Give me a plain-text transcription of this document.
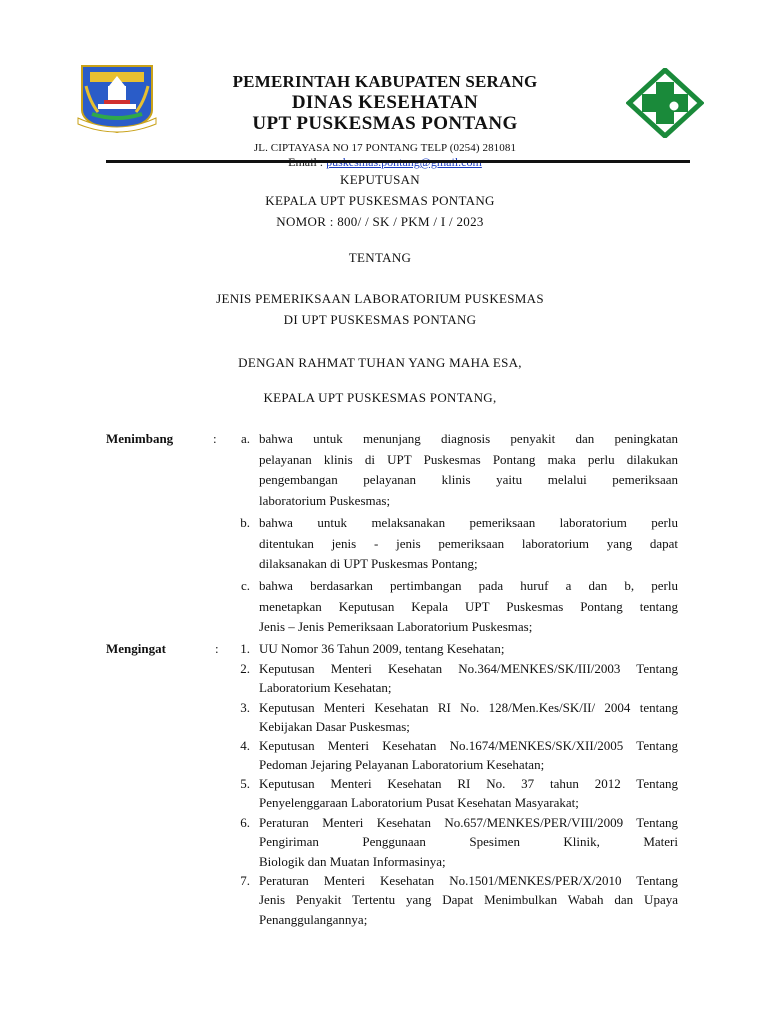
PEMERINTAH KABUPATEN SERANG
DINAS KESEHATAN
UPT PUSKESMAS PONTANG
JL. CIPTAYASA NO 17 PONTANG TELP (0254) 281081
KEPUTUSAN
KEPALA UPT PUSKESMAS PONTANG
NOMOR : 800/ / SK / PKM / I / 2023
TENTANG
JENIS PEMERIKSAAN LABORATORIUM PUSKESMAS
DI UPT PUSKESMAS PONTANG
DENGAN RAHMAT TUHAN YANG MAHA ESA,
KEPALA UPT PUSKESMAS PONTANG,
Menimbang	:	a. bahwa untuk menunjang diagnosis penyakit dan peningkatan
pelayanan klinis di UPT Puskesmas Pontang maka perlu dilakukan
pengembangan pelayanan klinis yaitu melalui pemeriksaan
laboratorium Puskesmas;
b. bahwa untuk melaksanakan pemeriksaan laboratorium perlu
ditentukan jenis - jenis pemeriksaan laboratorium yang dapat
dilaksanakan di UPT Puskesmas Pontang;
c. bahwa berdasarkan pertimbangan pada huruf a dan b, perlu
menetapkan Keputusan Kepala UPT Puskesmas Pontang tentang
Jenis – Jenis Pemeriksaan Laboratorium Puskesmas;
Mengingat	:	1. UU Nomor 36 Tahun 2009, tentang Kesehatan;
2. Keputusan Menteri Kesehatan No.364/MENKES/SK/III/2003 Tentang
Laboratorium Kesehatan;
3. Keputusan Menteri Kesehatan RI No. 128/Men.Kes/SK/II/ 2004 tentang
Kebijakan Dasar Puskesmas;
4. Keputusan Menteri Kesehatan No.1674/MENKES/SK/XII/2005 Tentang
Pedoman Jejaring Pelayanan Laboratorium Kesehatan;
5. Keputusan Menteri Kesehatan RI No. 37 tahun 2012 Tentang
Penyelenggaraan Laboratorium Pusat Kesehatan Masyarakat;
6. Peraturan Menteri Kesehatan No.657/MENKES/PER/VIII/2009 Tentang
Pengiriman Penggunaan Spesimen Klinik, Materi
Biologik dan Muatan Informasinya;
7. Peraturan Menteri Kesehatan No.1501/MENKES/PER/X/2010 Tentang
Jenis Penyakit Tertentu yang Dapat Menimbulkan Wabah dan Upaya
Penanggulangannya;
